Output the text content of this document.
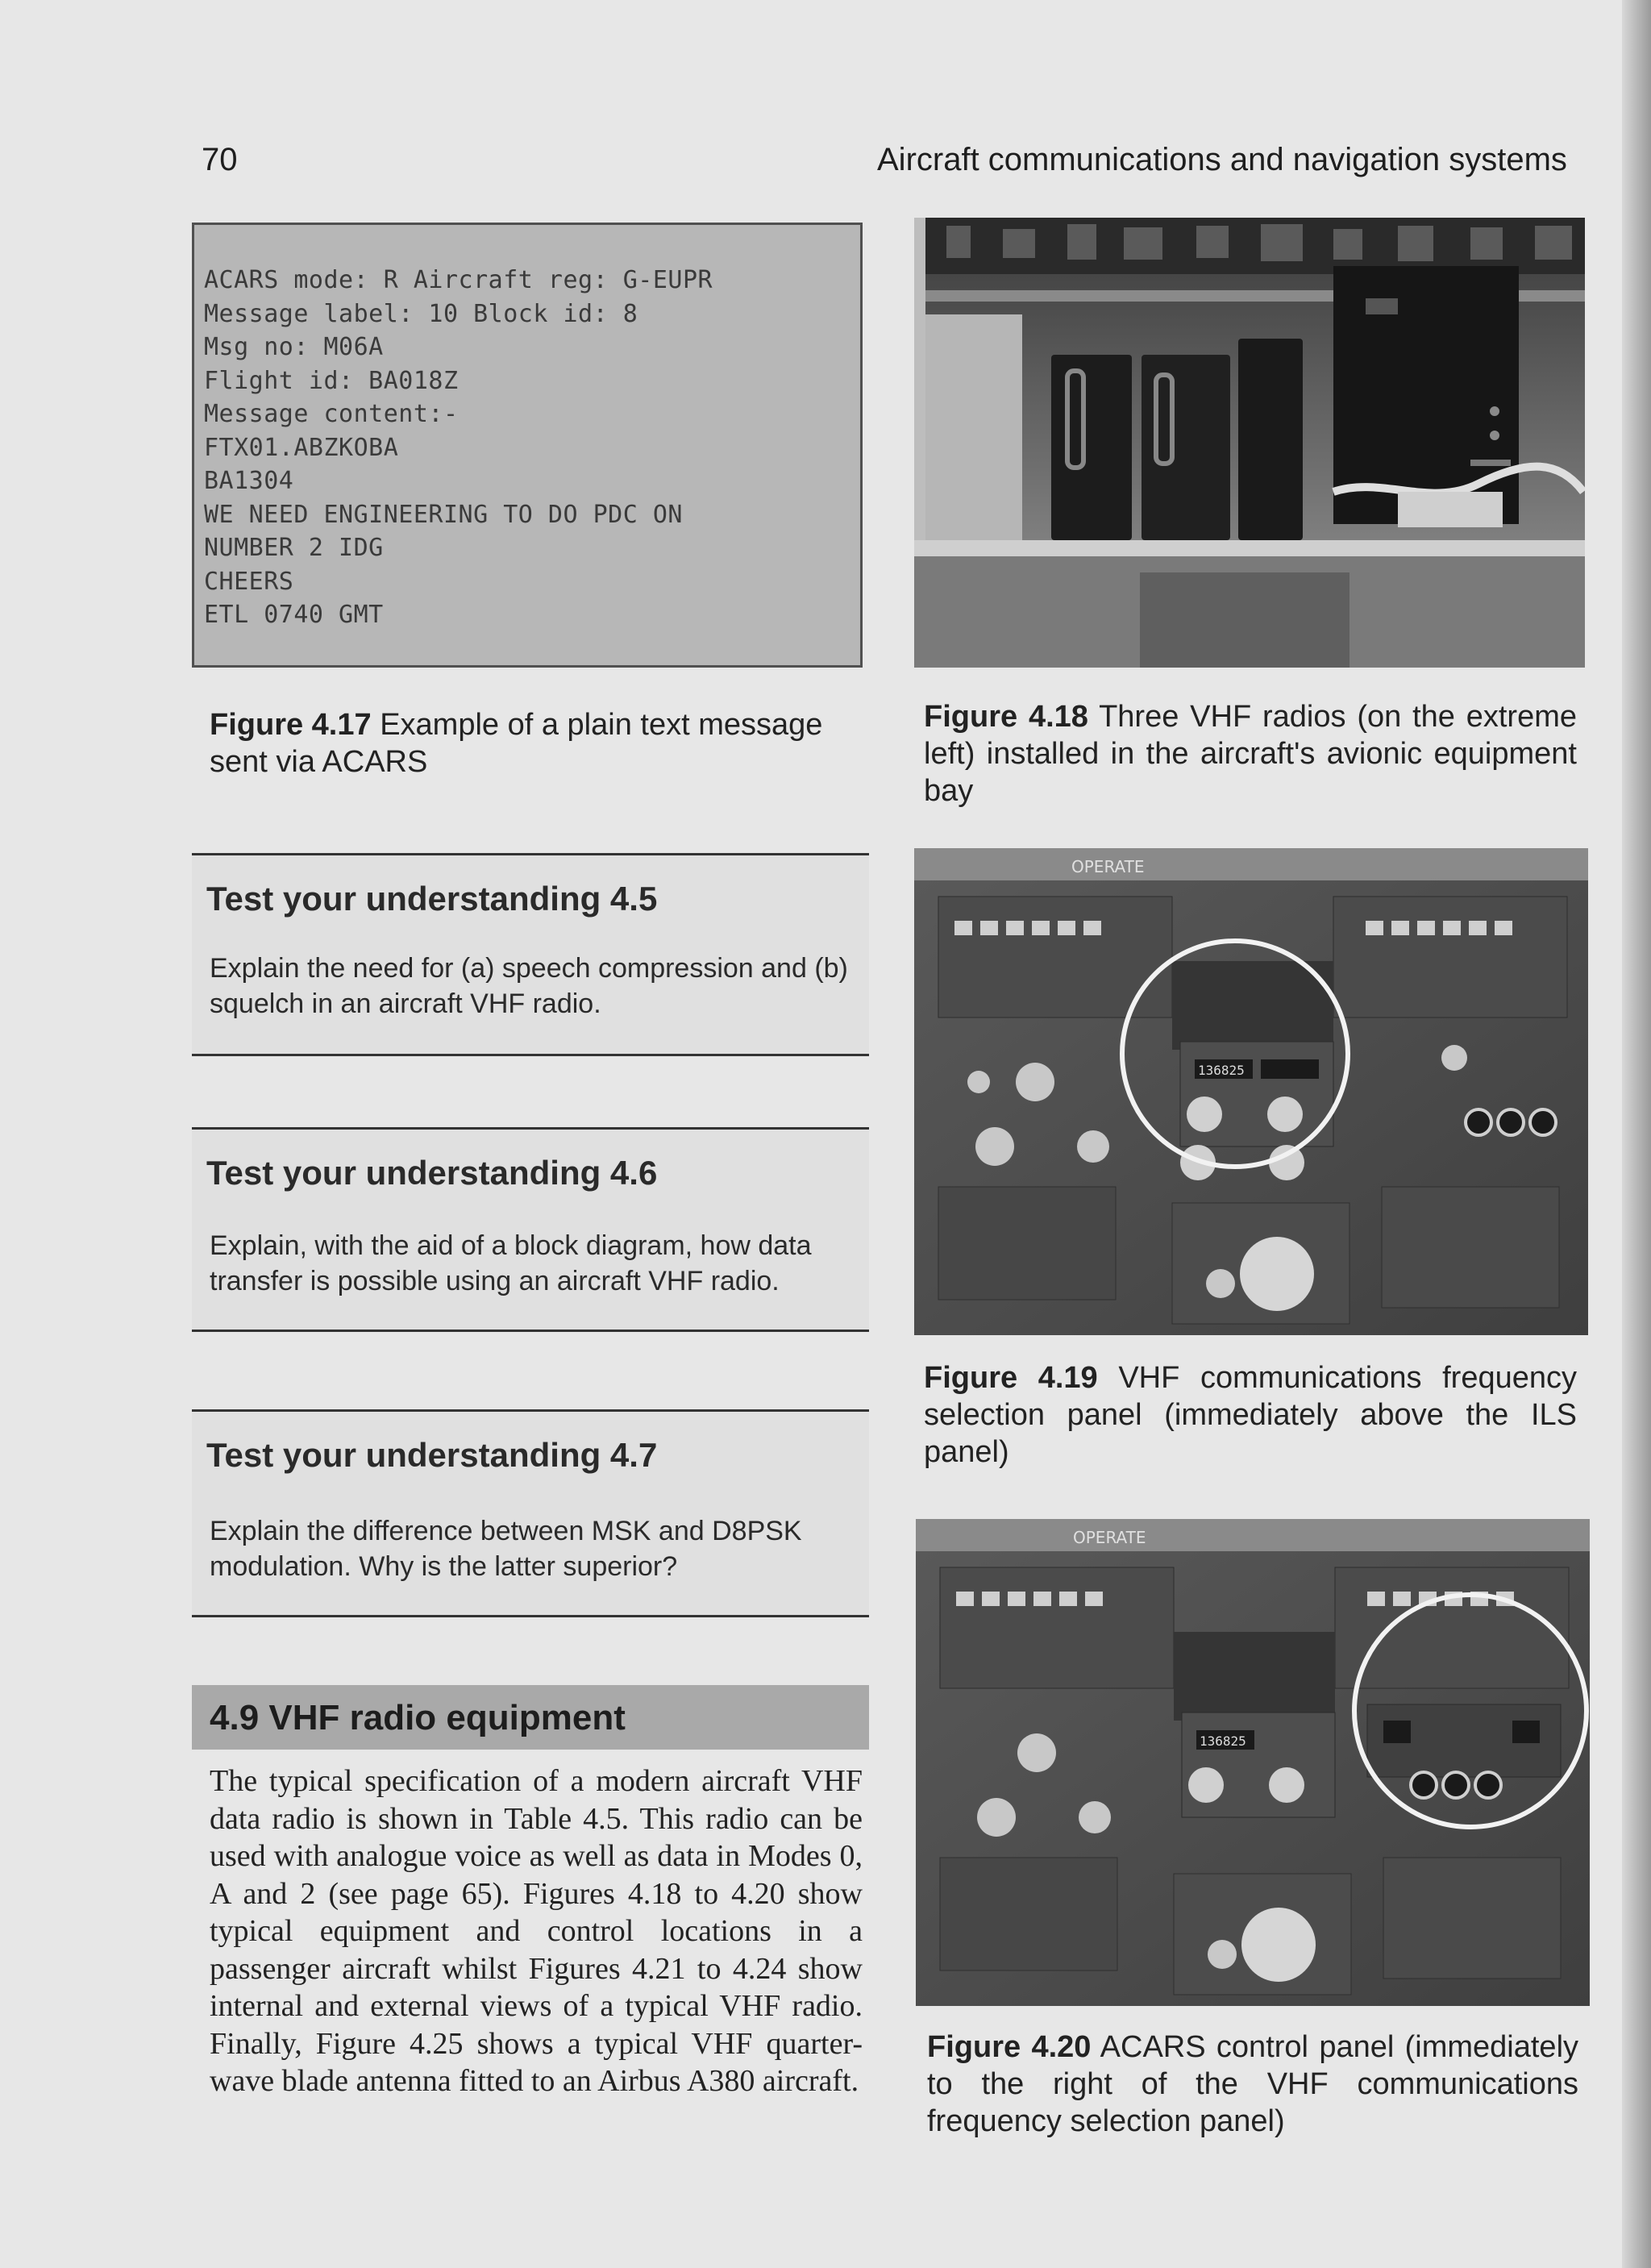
70	Aircraft communications and navigation systems
ACARS mode: R Aircraft reg: G-EUPR
Message label: 10 Block id: 8
Msg no: M06A
Flight id: BA018Z
Message content:-
FTX01.ABZKOBA
BA1304
WE NEED ENGINEERING TO DO PDC ON
NUMBER 2 IDG
CHEERS
ETL 0740 GMT
Figure 4.17 Example of a plain text message sent via ACARS
Test your understanding 4.5
Explain the need for (a) speech compression and (b) squelch in an aircraft VHF radio.
Test your understanding 4.6
Explain, with the aid of a block diagram, how data transfer is possible using an aircraft VHF radio.
Test your understanding 4.7
Explain the difference between MSK and D8PSK modulation. Why is the latter superior?
4.9 VHF radio equipment

The typical specification of a modern aircraft VHF data radio is shown in Table 4.5. This radio can be used with analogue voice as well as data in Modes 0, A and 2 (see page 65). Figures 4.18 to 4.20 show typical equipment and control locations in a passenger aircraft whilst Figures 4.21 to 4.24 show internal and external views of a typical VHF radio. Finally, Figure 4.25 shows a typical VHF quarter-wave blade antenna fitted to an Airbus A380 aircraft.

Figure 4.18 Three VHF radios (on the extreme left) installed in the aircraft's avionic equipment bay
OPERATE
136825
Figure 4.19 VHF communications frequency selection panel (immediately above the ILS panel)
OPERATE
136825
Figure 4.20 ACARS control panel (immediately to the right of the VHF communications frequency selection panel)
